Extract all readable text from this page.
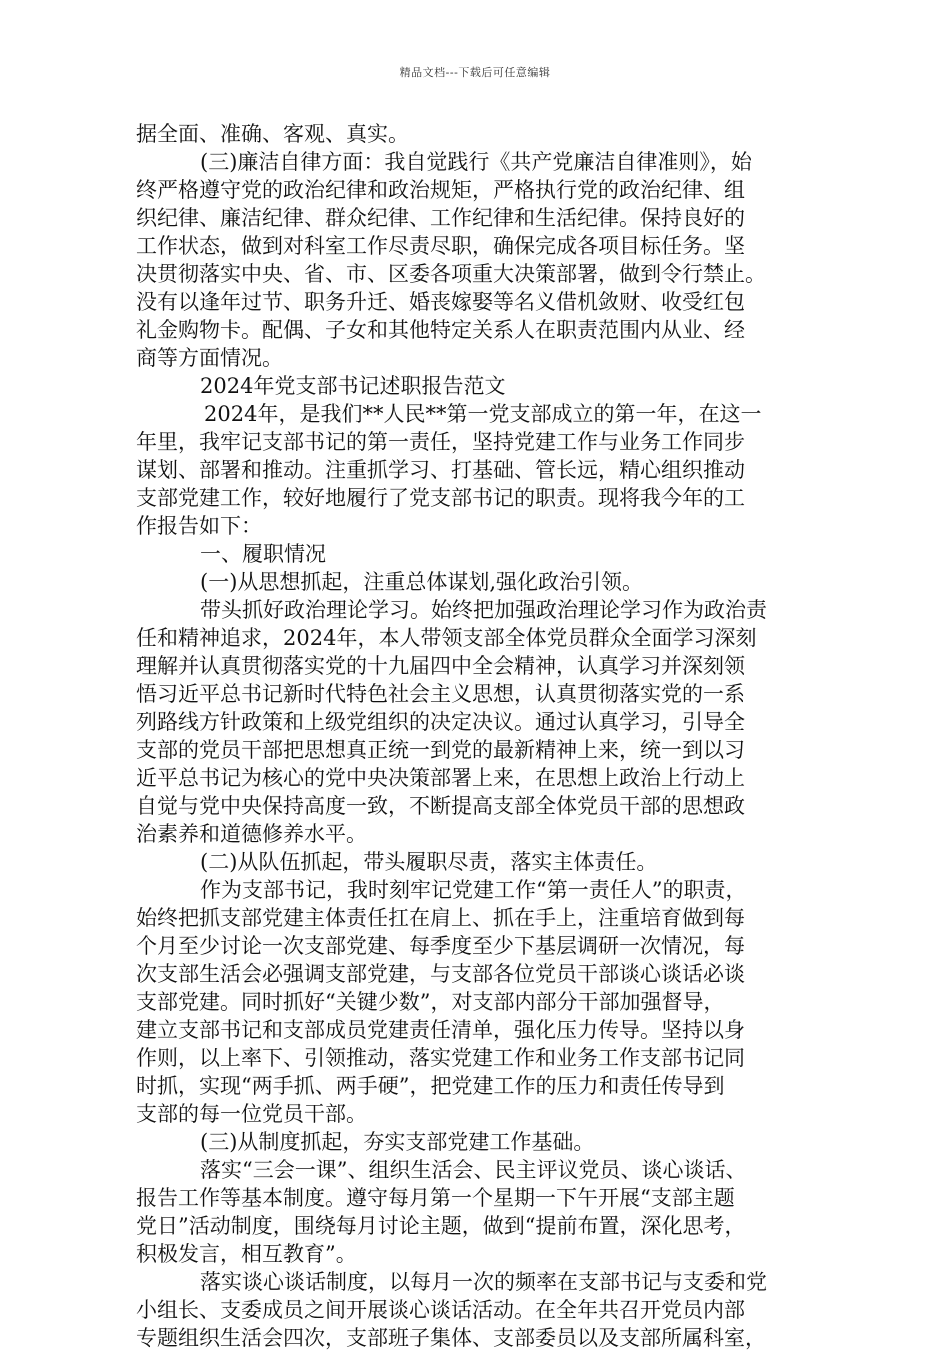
精品文档---下载后可任意编辑
据全面、准确、客观、真实。
(三)廉洁自律方面：我自觉践行《共产党廉洁自律准则》，始
终严格遵守党的政治纪律和政治规矩，严格执行党的政治纪律、组
织纪律、廉洁纪律、群众纪律、工作纪律和生活纪律。保持良好的
工作状态，做到对科室工作尽责尽职，确保完成各项目标任务。坚
决贯彻落实中央、省、市、区委各项重大决策部署，做到令行禁止。
没有以逢年过节、职务升迁、婚丧嫁娶等名义借机敛财、收受红包
礼金购物卡。配偶、子女和其他特定关系人在职责范围内从业、经
商等方面情况。
2024年党支部书记述职报告范文
2024年，是我们**人民**第一党支部成立的第一年，在这一
年里，我牢记支部书记的第一责任，坚持党建工作与业务工作同步
谋划、部署和推动。注重抓学习、打基础、管长远，精心组织推动
支部党建工作，较好地履行了党支部书记的职责。现将我今年的工
作报告如下：
一、履职情况
(一)从思想抓起，注重总体谋划,强化政治引领。
带头抓好政治理论学习。始终把加强政治理论学习作为政治责
任和精神追求，2024年，本人带领支部全体党员群众全面学习深刻
理解并认真贯彻落实党的十九届四中全会精神，认真学习并深刻领
悟习近平总书记新时代特色社会主义思想，认真贯彻落实党的一系
列路线方针政策和上级党组织的决定决议。通过认真学习，引导全
支部的党员干部把思想真正统一到党的最新精神上来，统一到以习
近平总书记为核心的党中央决策部署上来，在思想上政治上行动上
自觉与党中央保持高度一致，不断提高支部全体党员干部的思想政
治素养和道德修养水平。
(二)从队伍抓起，带头履职尽责，落实主体责任。
作为支部书记，我时刻牢记党建工作“第一责任人”的职责，
始终把抓支部党建主体责任扛在肩上、抓在手上，注重培育做到每
个月至少讨论一次支部党建、每季度至少下基层调研一次情况，每
次支部生活会必强调支部党建，与支部各位党员干部谈心谈话必谈
支部党建。同时抓好“关键少数”，对支部内部分干部加强督导，
建立支部书记和支部成员党建责任清单，强化压力传导。坚持以身
作则，以上率下、引领推动，落实党建工作和业务工作支部书记同
时抓，实现“两手抓、两手硬”，把党建工作的压力和责任传导到
支部的每一位党员干部。
(三)从制度抓起，夯实支部党建工作基础。
落实“三会一课”、组织生活会、民主评议党员、谈心谈话、
报告工作等基本制度。遵守每月第一个星期一下午开展“支部主题
党日”活动制度，围绕每月讨论主题，做到“提前布置，深化思考，
积极发言，相互教育”。
落实谈心谈话制度，以每月一次的频率在支部书记与支委和党
小组长、支委成员之间开展谈心谈话活动。在全年共召开党员内部
专题组织生活会四次，支部班子集体、支部委员以及支部所属科室，
